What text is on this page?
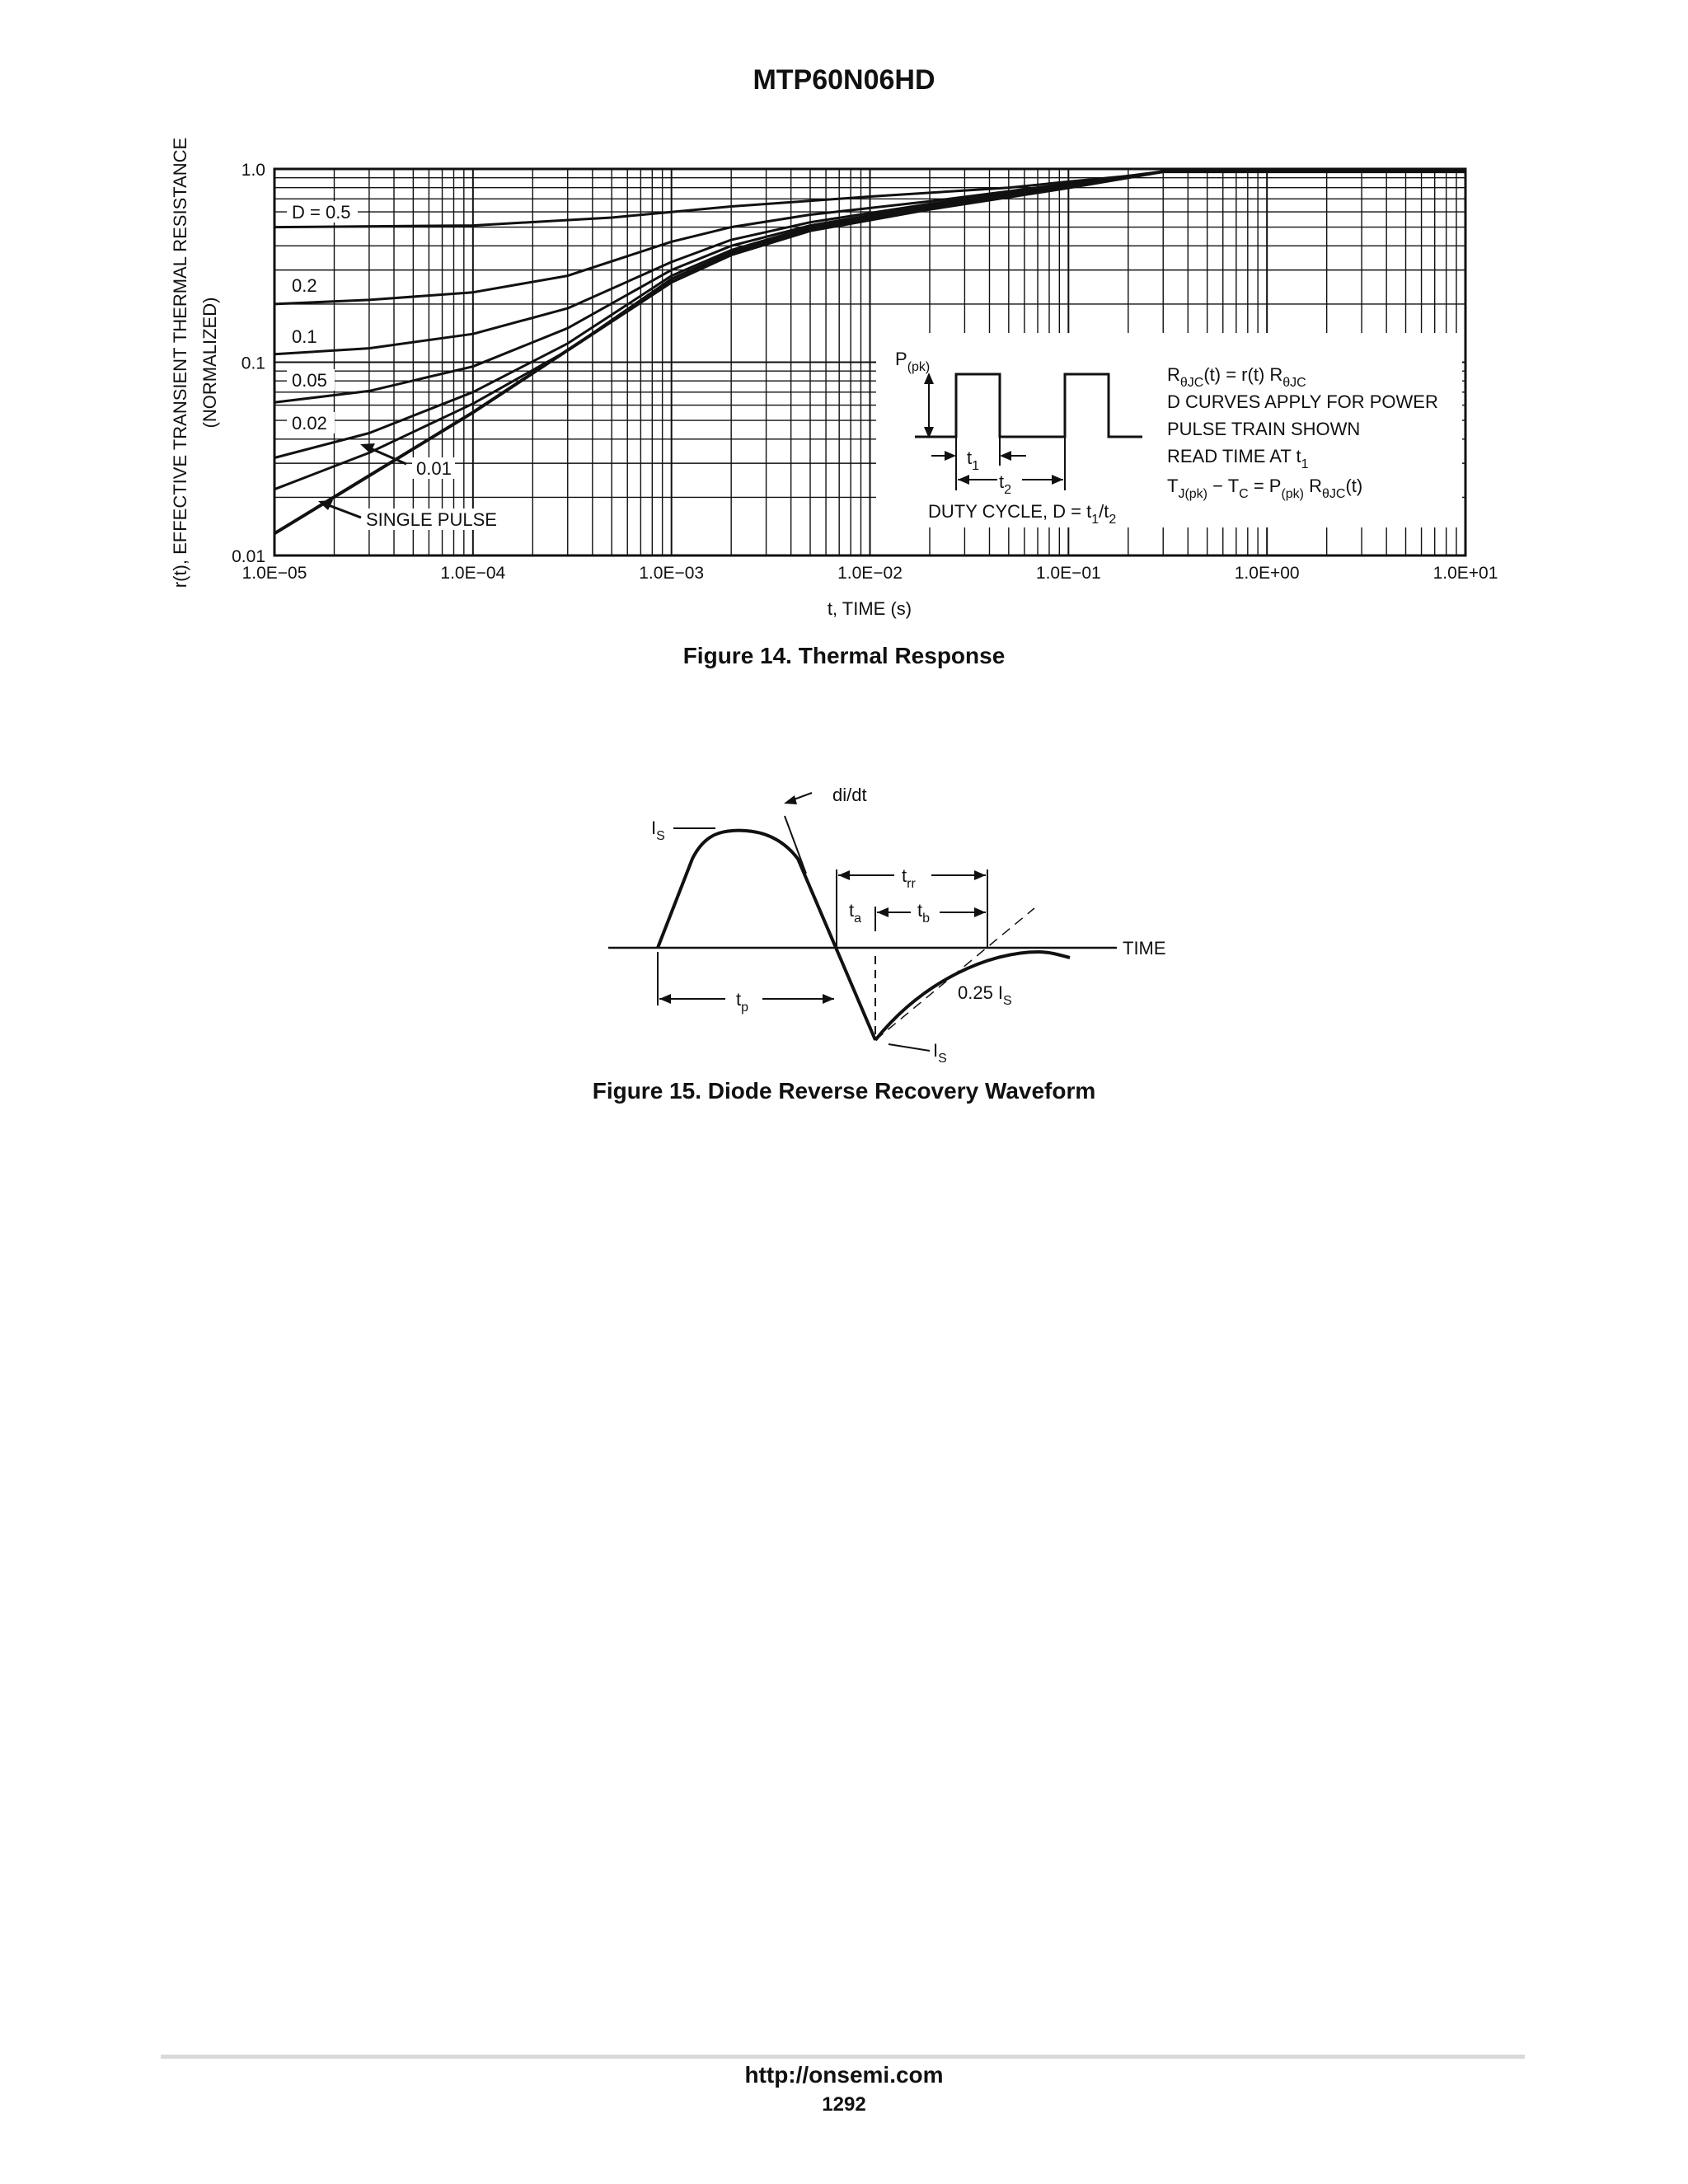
MTP60N06HD
1.0E−05	1.0E−04	1.0E−03	1.0E−02	1.0E−01	1.0E+00	1.0E+01
0.01
0.1
1.0
t, TIME (s)
r(t), EFFECTIVE TRANSIENT THERMAL RESISTANCE (NORMALIZED)
D = 0.5
0.2
0.1
0.05
0.02
0.01
SINGLE PULSE
$P_{(pk)}$
$t_1$
$t_2$
DUTY CYCLE, $D = t_1/t_2$
$R_{\theta JC}(t) = r(t)$ $R_{\theta JC}$
D CURVES APPLY FOR POWER
PULSE TRAIN SHOWN
READ TIME AT $t_1$
$T_{J(pk)} - T_C = P_{(pk)}$ $R_{\theta JC}(t)$
Figure 14. Thermal Response
$I_S$
di/dt
$t_{rr}$
$t_a$	$t_b$
TIME
$t_p$
0.25 $I_S$
$I_S$
Figure 15. Diode Reverse Recovery Waveform
http://onsemi.com
1292
